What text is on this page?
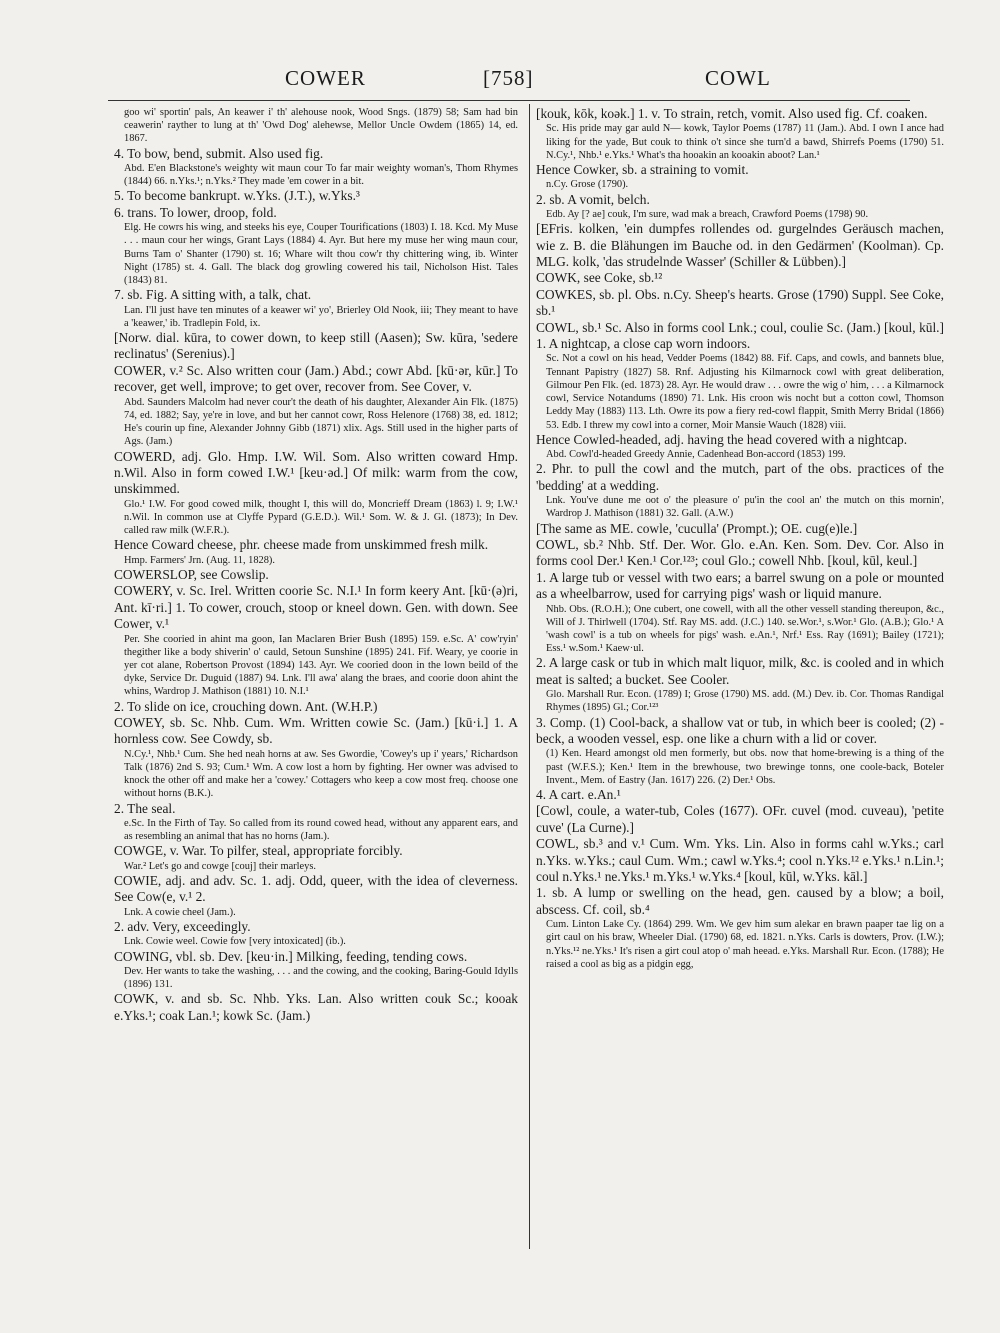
COWER	[758]	COWL

goo wi' sportin' pals, An keawer i' th' alehouse nook, Wood Sngs. (1879) 58; Sam had bin ceawerin' rayther to lung at th' 'Owd Dog' alehewse, Mellor Uncle Owdem (1865) 14, ed. 1867.

4. To bow, bend, submit. Also used fig.

Abd. E'en Blackstone's weighty wit maun cour To far mair weighty woman's, Thom Rhymes (1844) 66. n.Yks.¹; n.Yks.² They made 'em cower in a bit.

5. To become bankrupt. w.Yks. (J.T.), w.Yks.³

6. trans. To lower, droop, fold.

Elg. He cowrs his wing, and steeks his eye, Couper Tourifications (1803) I. 18. Kcd. My Muse . . . maun cour her wings, Grant Lays (1884) 4. Ayr. But here my muse her wing maun cour, Burns Tam o' Shanter (1790) st. 16; Whare wilt thou cow'r thy chittering wing, ib. Winter Night (1785) st. 4. Gall. The black dog growling cowered his tail, Nicholson Hist. Tales (1843) 81.

7. sb. Fig. A sitting with, a talk, chat.

Lan. I'll just have ten minutes of a keawer wi' yo', Brierley Old Nook, iii; They meant to have a 'keawer,' ib. Tradlepin Fold, ix.

[Norw. dial. kūra, to cower down, to keep still (Aasen); Sw. kūra, 'sedere reclinatus' (Serenius).]

COWER, v.² Sc. Also written cour (Jam.) Abd.; cowr Abd. [kū·ər, kūr.] To recover, get well, improve; to get over, recover from. See Cover, v.

Abd. Saunders Malcolm had never cour't the death of his daughter, Alexander Ain Flk. (1875) 74, ed. 1882; Say, ye're in love, and but her cannot cowr, Ross Helenore (1768) 38, ed. 1812; He's courin up fine, Alexander Johnny Gibb (1871) xlix. Ags. Still used in the higher parts of Ags. (Jam.)

COWERD, adj. Glo. Hmp. I.W. Wil. Som. Also written coward Hmp. n.Wil. Also in form cowed I.W.¹ [keu·əd.] Of milk: warm from the cow, unskimmed.

Glo.¹ I.W. For good cowed milk, thought I, this will do, Moncrieff Dream (1863) l. 9; I.W.¹ n.Wil. In common use at Clyffe Pypard (G.E.D.). Wil.¹ Som. W. & J. Gl. (1873); In Dev. called raw milk (W.F.R.).

Hence Coward cheese, phr. cheese made from unskimmed fresh milk.

Hmp. Farmers' Jrn. (Aug. 11, 1828).

COWERSLOP, see Cowslip.

COWERY, v. Sc. Irel. Written coorie Sc. N.I.¹ In form keery Ant. [kū·(ə)ri, Ant. kī·ri.] 1. To cower, crouch, stoop or kneel down. Gen. with down. See Cower, v.¹

Per. She cooried in ahint ma goon, Ian Maclaren Brier Bush (1895) 159. e.Sc. A' cow'ryin' thegither like a body shiverin' o' cauld, Setoun Sunshine (1895) 241. Fif. Weary, ye coorie in yer cot alane, Robertson Provost (1894) 143. Ayr. We cooried doon in the lown beild of the dyke, Service Dr. Duguid (1887) 94. Lnk. I'll awa' alang the braes, and coorie doon ahint the whins, Wardrop J. Mathison (1881) 10. N.I.¹

2. To slide on ice, crouching down. Ant. (W.H.P.)

COWEY, sb. Sc. Nhb. Cum. Wm. Written cowie Sc. (Jam.) [kū·i.] 1. A hornless cow. See Cowdy, sb.

N.Cy.¹, Nhb.¹ Cum. She hed neah horns at aw. Ses Gwordie, 'Cowey's up i' years,' Richardson Talk (1876) 2nd S. 93; Cum.¹ Wm. A cow lost a horn by fighting. Her owner was advised to knock the other off and make her a 'cowey.' Cottagers who keep a cow most freq. choose one without horns (B.K.).

2. The seal.

e.Sc. In the Firth of Tay. So called from its round cowed head, without any apparent ears, and as resembling an animal that has no horns (Jam.).

COWGE, v. War. To pilfer, steal, appropriate forcibly.

War.² Let's go and cowge [couj] their marleys.

COWIE, adj. and adv. Sc. 1. adj. Odd, queer, with the idea of cleverness. See Cow(e, v.¹ 2.

Lnk. A cowie cheel (Jam.).

2. adv. Very, exceedingly.

Lnk. Cowie weel. Cowie fow [very intoxicated] (ib.).

COWING, vbl. sb. Dev. [keu·in.] Milking, feeding, tending cows.

Dev. Her wants to take the washing, . . . and the cowing, and the cooking, Baring-Gould Idylls (1896) 131.

COWK, v. and sb. Sc. Nhb. Yks. Lan. Also written couk Sc.; kooak e.Yks.¹; coak Lan.¹; kowk Sc. (Jam.)

[kouk, kōk, koək.] 1. v. To strain, retch, vomit. Also used fig. Cf. coaken.

Sc. His pride may gar auld N— kowk, Taylor Poems (1787) 11 (Jam.). Abd. I own I ance had liking for the yade, But couk to think o't since she turn'd a bawd, Shirrefs Poems (1790) 51. N.Cy.¹, Nhb.¹ e.Yks.¹ What's tha hooakin an kooakin aboot? Lan.¹

Hence Cowker, sb. a straining to vomit.

n.Cy. Grose (1790).

2. sb. A vomit, belch.

Edb. Ay [? ae] couk, I'm sure, wad mak a breach, Crawford Poems (1798) 90.

[EFris. kolken, 'ein dumpfes rollendes od. gurgelndes Geräusch machen, wie z. B. die Blähungen im Bauche od. in den Gedärmen' (Koolman). Cp. MLG. kolk, 'das strudelnde Wasser' (Schiller & Lübben).]

COWK, see Coke, sb.¹²

COWKES, sb. pl. Obs. n.Cy. Sheep's hearts. Grose (1790) Suppl. See Coke, sb.¹

COWL, sb.¹ Sc. Also in forms cool Lnk.; coul, coulie Sc. (Jam.) [koul, kūl.] 1. A nightcap, a close cap worn indoors.

Sc. Not a cowl on his head, Vedder Poems (1842) 88. Fif. Caps, and cowls, and bannets blue, Tennant Papistry (1827) 58. Rnf. Adjusting his Kilmarnock cowl with great deliberation, Gilmour Pen Flk. (ed. 1873) 28. Ayr. He would draw . . . owre the wig o' him, . . . a Kilmarnock cowl, Service Notandums (1890) 71. Lnk. His croon wis nocht but a cotton cowl, Thomson Leddy May (1883) 113. Lth. Owre its pow a fiery red-cowl flappit, Smith Merry Bridal (1866) 53. Edb. I threw my cowl into a corner, Moir Mansie Wauch (1828) viii.

Hence Cowled-headed, adj. having the head covered with a nightcap.

Abd. Cowl'd-headed Greedy Annie, Cadenhead Bon-accord (1853) 199.

2. Phr. to pull the cowl and the mutch, part of the obs. practices of the 'bedding' at a wedding.

Lnk. You've dune me oot o' the pleasure o' pu'in the cool an' the mutch on this mornin', Wardrop J. Mathison (1881) 32. Gall. (A.W.)

[The same as ME. cowle, 'cuculla' (Prompt.); OE. cug(e)le.]

COWL, sb.² Nhb. Stf. Der. Wor. Glo. e.An. Ken. Som. Dev. Cor. Also in forms cool Der.¹ Ken.¹ Cor.¹²³; coul Glo.; cowell Nhb. [koul, kūl, keul.]

1. A large tub or vessel with two ears; a barrel swung on a pole or mounted as a wheelbarrow, used for carrying pigs' wash or liquid manure.

Nhb. Obs. (R.O.H.); One cubert, one cowell, with all the other vessell standing thereupon, &c., Will of J. Thirlwell (1704). Stf. Ray MS. add. (J.C.) 140. se.Wor.¹, s.Wor.¹ Glo. (A.B.); Glo.¹ A 'wash cowl' is a tub on wheels for pigs' wash. e.An.¹, Nrf.¹ Ess. Ray (1691); Bailey (1721); Ess.¹ w.Som.¹ Kaew·ul.

2. A large cask or tub in which malt liquor, milk, &c. is cooled and in which meat is salted; a bucket. See Cooler.

Glo. Marshall Rur. Econ. (1789) I; Grose (1790) MS. add. (M.) Dev. ib. Cor. Thomas Randigal Rhymes (1895) Gl.; Cor.¹²³

3. Comp. (1) Cool-back, a shallow vat or tub, in which beer is cooled; (2) -beck, a wooden vessel, esp. one like a churn with a lid or cover.

(1) Ken. Heard amongst old men formerly, but obs. now that home-brewing is a thing of the past (W.F.S.); Ken.¹ Item in the brewhouse, two brewinge tonns, one coole-back, Boteler Invent., Mem. of Eastry (Jan. 1617) 226. (2) Der.¹ Obs.

4. A cart. e.An.¹

[Cowl, coule, a water-tub, Coles (1677). OFr. cuvel (mod. cuveau), 'petite cuve' (La Curne).]

COWL, sb.³ and v.¹ Cum. Wm. Yks. Lin. Also in forms cahl w.Yks.; carl n.Yks. w.Yks.; caul Cum. Wm.; cawl w.Yks.⁴; cool n.Yks.¹² e.Yks.¹ n.Lin.¹; coul n.Yks.¹ ne.Yks.¹ m.Yks.¹ w.Yks.⁴ [koul, kūl, w.Yks. kāl.]

1. sb. A lump or swelling on the head, gen. caused by a blow; a boil, abscess. Cf. coil, sb.⁴

Cum. Linton Lake Cy. (1864) 299. Wm. We gev him sum alekar en brawn paaper tae lig on a girt caul on his braw, Wheeler Dial. (1790) 68, ed. 1821. n.Yks. Carls is dowters, Prov. (I.W.); n.Yks.¹² ne.Yks.¹ It's risen a girt coul atop o' mah heead. e.Yks. Marshall Rur. Econ. (1788); He raised a cool as big as a pidgin egg,
